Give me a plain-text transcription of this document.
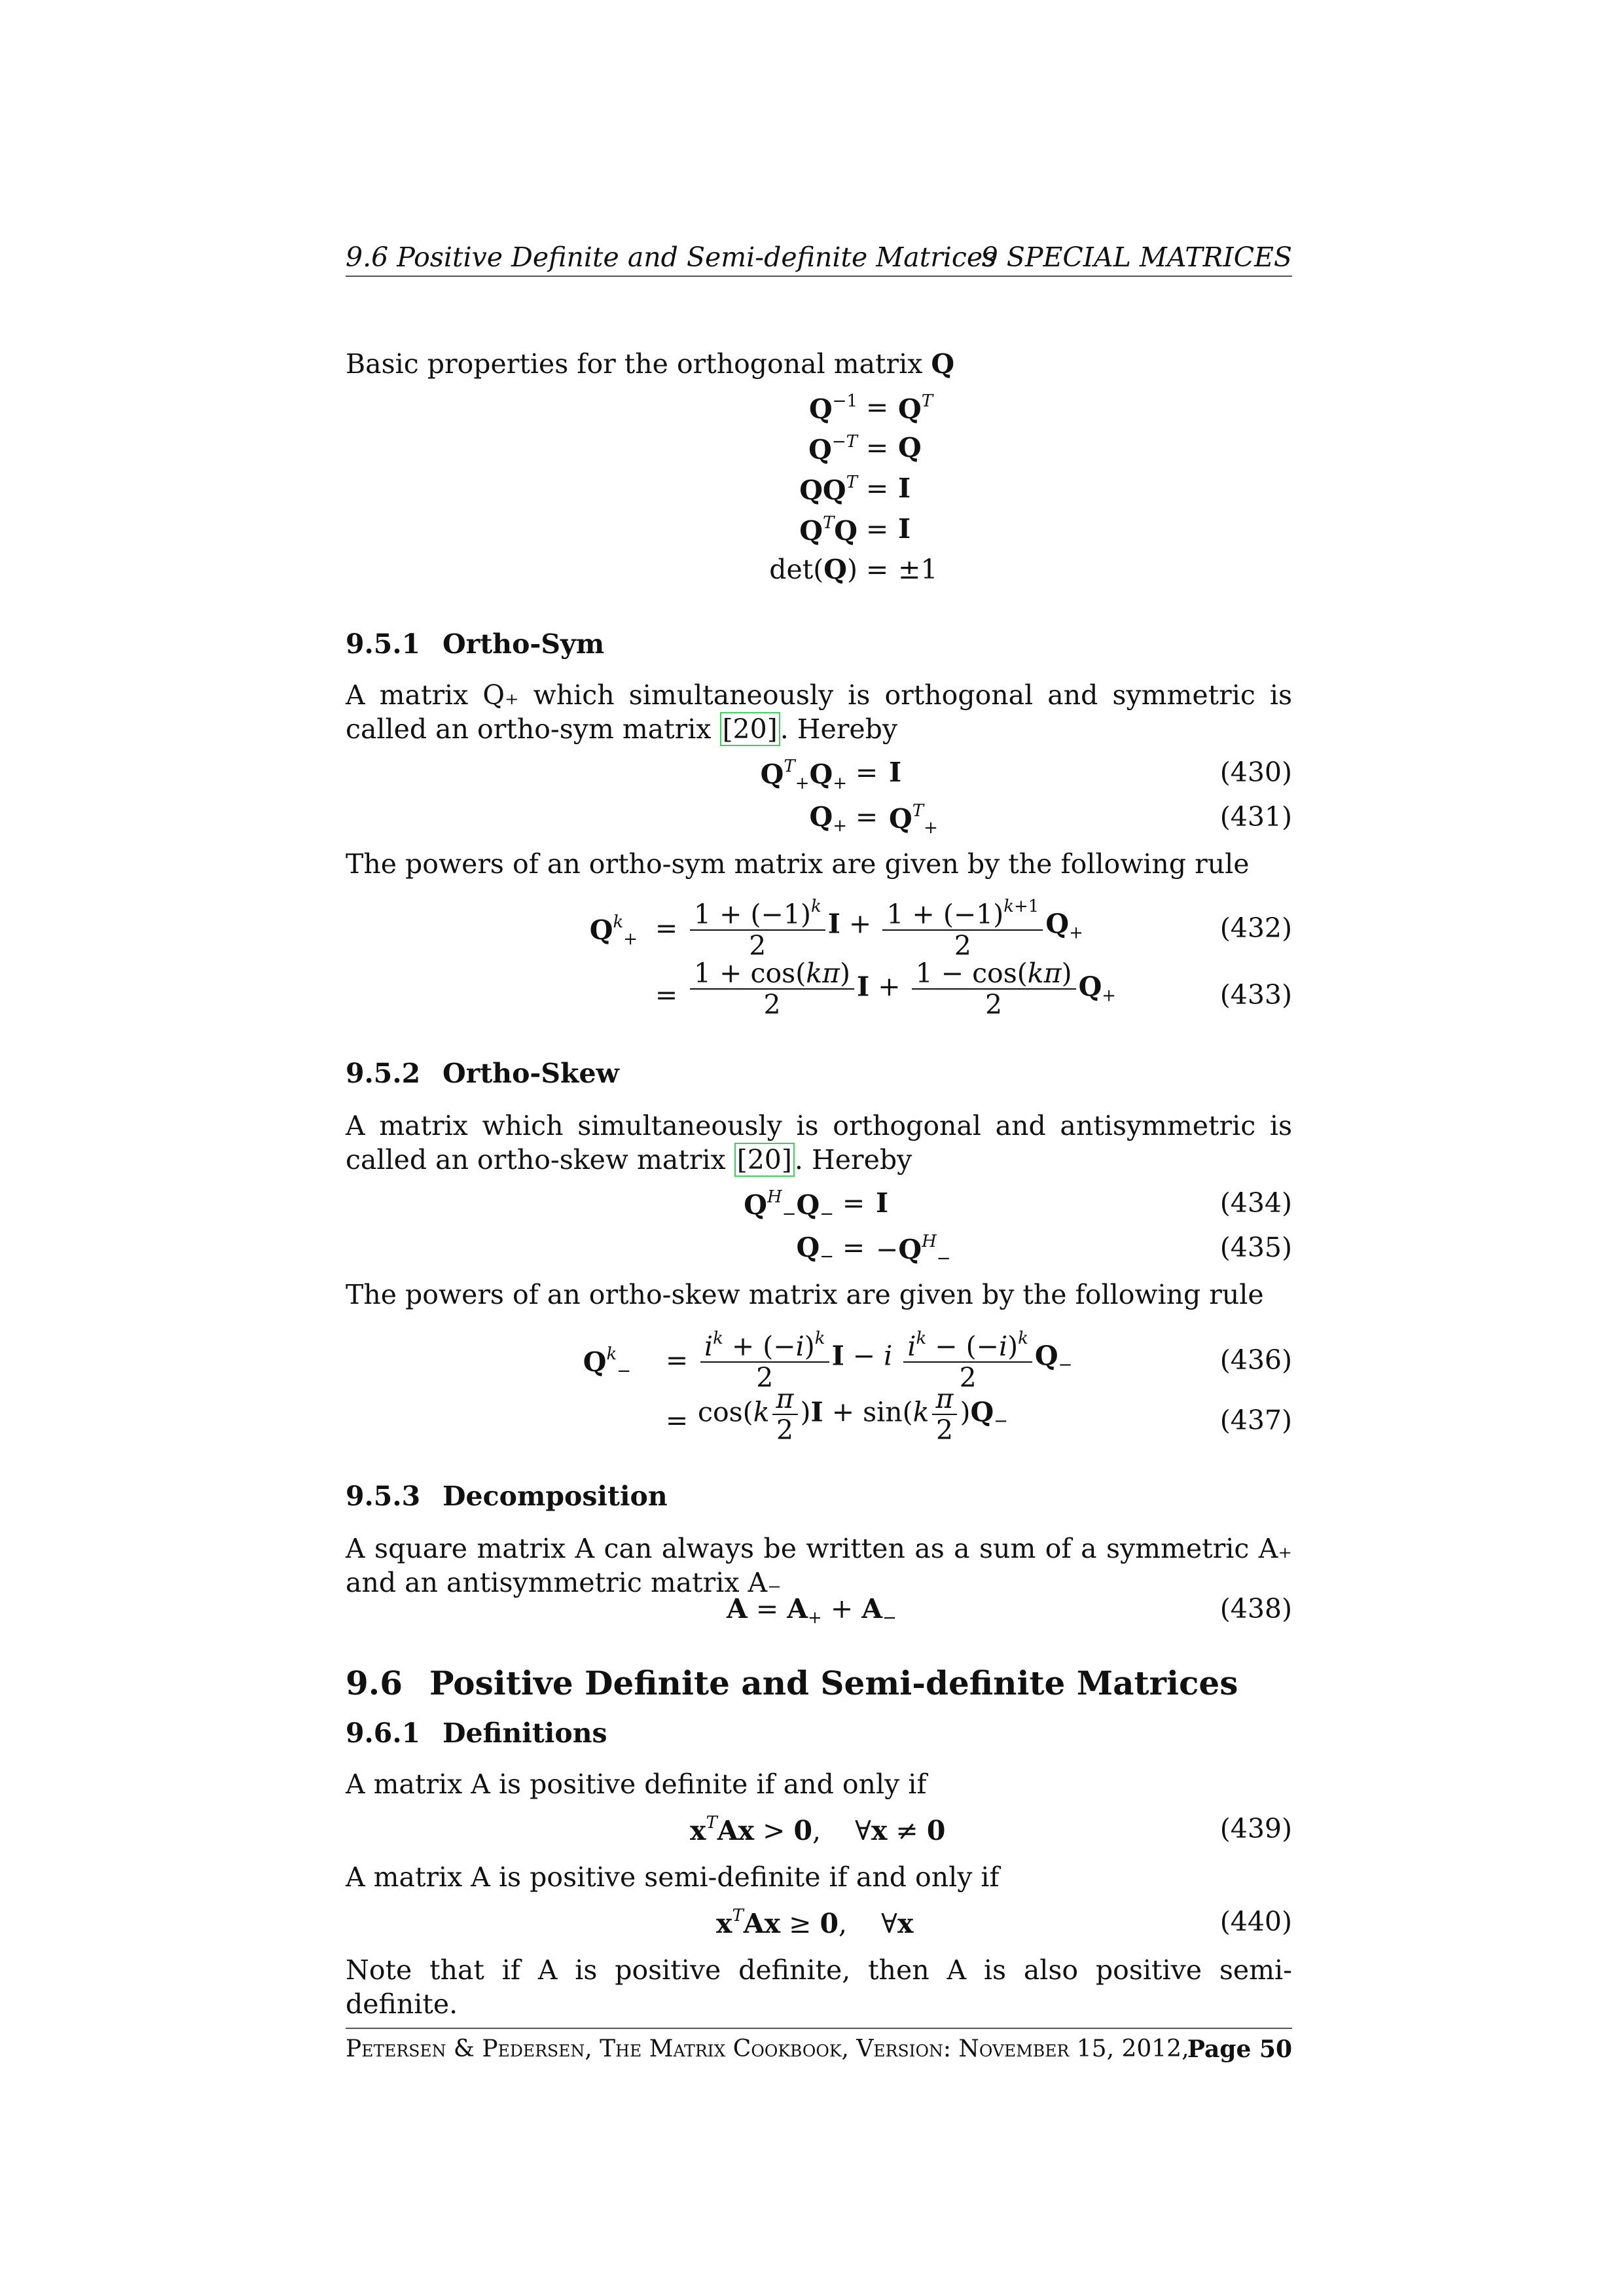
9.6 Positive Definite and Semi-definite Matrices
9 SPECIAL MATRICES
Basic properties for the orthogonal matrix Q
$Q^{-1} = Q^T$
$Q^{-T} = Q$
$QQ^T = I$
$Q^TQ = I$
det(Q) = ±1
9.5.1 Ortho-Sym
A matrix Q₊ which simultaneously is orthogonal and symmetric is called an ortho-sym matrix [20]. Hereby
$Q^T_+Q_+ = I$	(430)
$Q_+ = Q^T_+$	(431)
The powers of an ortho-sym matrix are given by the following rule
$Q^k_+ = \frac{1 + (-1)^k}{2}$ $I + \frac{1 + (-1)^{k+1}}{2} Q_+$	(432)
= $\frac{1 + \cos(k\pi)}{2}$ $I + \frac{1 - \cos(k\pi)}{2} Q_+$	(433)
9.5.2 Ortho-Skew
A matrix which simultaneously is orthogonal and antisymmetric is called an ortho-skew matrix [20]. Hereby
$Q^H_-Q_- = I$	(434)
$Q_- = -Q^H_-$	(435)
The powers of an ortho-skew matrix are given by the following rule
$Q^k_-$	= $\frac{i^k + (-i)^k}{2}$ I − i $\frac{i^k - (-i)^k}{2} Q_-$	(436)
= $\cos(k \frac{\pi}{2} )I + \sin(k \frac{\pi}{2} )Q_-$	(437)
9.5.3 Decomposition
A square matrix A can always be written as a sum of a symmetric A₊ and an antisymmetric matrix A₋
$A = A_+ + A_-$	(438)
9.6 Positive Definite and Semi-definite Matrices
9.6.1 Definitions
A matrix A is positive definite if and only if
$x^TAx > 0$,    ∀x ≠ 0	(439)
A matrix A is positive semi-definite if and only if
$x^TAx \ge 0$,    ∀x	(440)
Note that if A is positive definite, then A is also positive semi-definite.
Petersen & Pedersen, The Matrix Cookbook, Version: November 15, 2012,
Page 50
